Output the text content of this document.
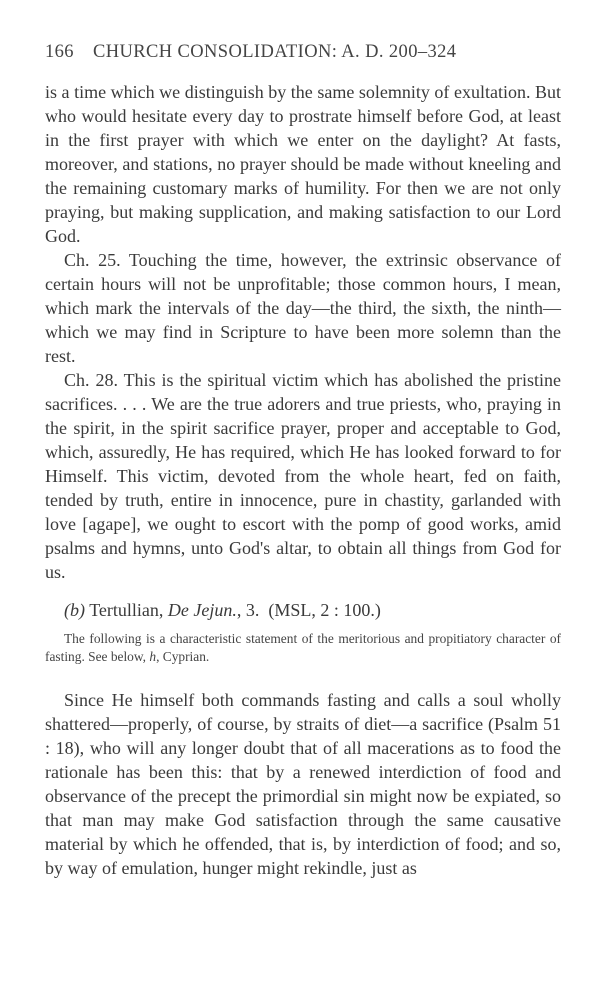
166 CHURCH CONSOLIDATION: A. D. 200–324

is a time which we distinguish by the same solemnity of exultation. But who would hesitate every day to prostrate himself before God, at least in the first prayer with which we enter on the daylight? At fasts, moreover, and stations, no prayer should be made without kneeling and the remaining customary marks of humility. For then we are not only praying, but making supplication, and making satisfaction to our Lord God.

Ch. 25. Touching the time, however, the extrinsic observance of certain hours will not be unprofitable; those common hours, I mean, which mark the intervals of the day—the third, the sixth, the ninth—which we may find in Scripture to have been more solemn than the rest.

Ch. 28. This is the spiritual victim which has abolished the pristine sacrifices. . . . We are the true adorers and true priests, who, praying in the spirit, in the spirit sacrifice prayer, proper and acceptable to God, which, assuredly, He has required, which He has looked forward to for Himself. This victim, devoted from the whole heart, fed on faith, tended by truth, entire in innocence, pure in chastity, garlanded with love [agape], we ought to escort with the pomp of good works, amid psalms and hymns, unto God's altar, to obtain all things from God for us.

(b) Tertullian, De Jejun., 3. (MSL, 2 : 100.)
The following is a characteristic statement of the meritorious and propitiatory character of fasting. See below, h, Cyprian.

Since He himself both commands fasting and calls a soul wholly shattered—properly, of course, by straits of diet—a sacrifice (Psalm 51 : 18), who will any longer doubt that of all macerations as to food the rationale has been this: that by a renewed interdiction of food and observance of the precept the primordial sin might now be expiated, so that man may make God satisfaction through the same causative material by which he offended, that is, by interdiction of food; and so, by way of emulation, hunger might rekindle, just as
